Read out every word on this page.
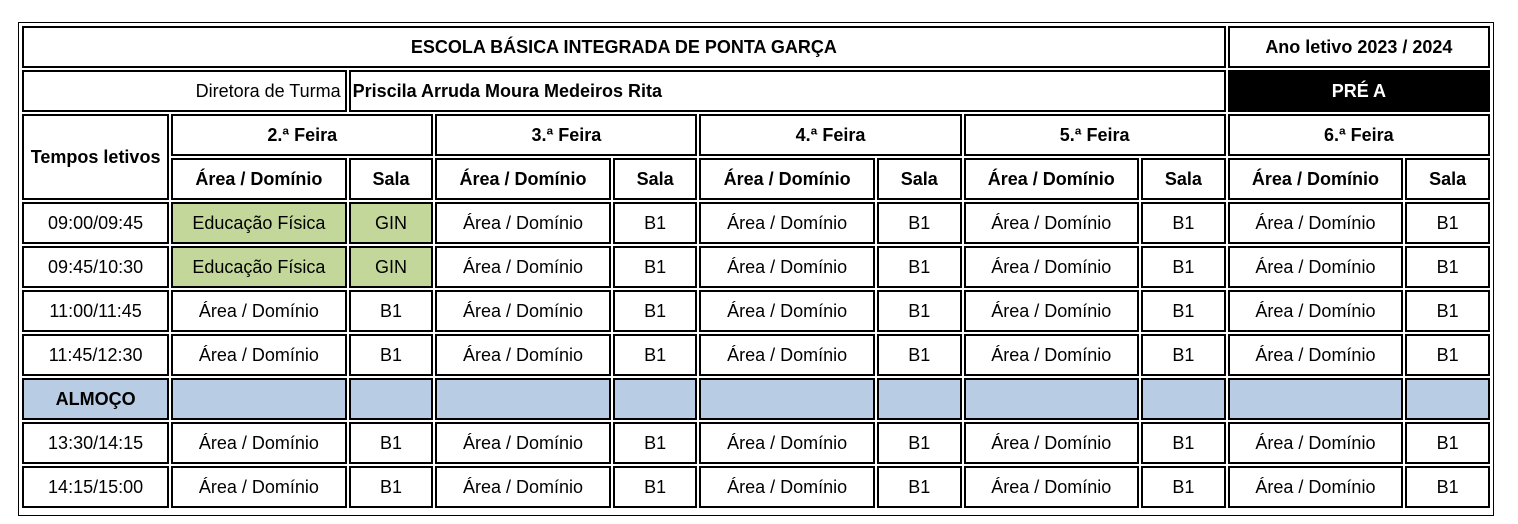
ESCOLA BÁSICA INTEGRADA DE PONTA GARÇA									Ano letivo 2023 / 2024	
Diretora de Turma		Priscila Arruda Moura Medeiros Rita							PRÉ A	
Tempos letivos	2.ª Feira		3.ª Feira		4.ª Feira		5.ª Feira		6.ª Feira	
	Área / Domínio	Sala	Área / Domínio	Sala	Área / Domínio	Sala	Área / Domínio	Sala	Área / Domínio	Sala
09:00/09:45	Educação Física	GIN	Área / Domínio	B1	Área / Domínio	B1	Área / Domínio	B1	Área / Domínio	B1
09:45/10:30	Educação Física	GIN	Área / Domínio	B1	Área / Domínio	B1	Área / Domínio	B1	Área / Domínio	B1
11:00/11:45	Área / Domínio	B1	Área / Domínio	B1	Área / Domínio	B1	Área / Domínio	B1	Área / Domínio	B1
11:45/12:30	Área / Domínio	B1	Área / Domínio	B1	Área / Domínio	B1	Área / Domínio	B1	Área / Domínio	B1
ALMOÇO										
13:30/14:15	Área / Domínio	B1	Área / Domínio	B1	Área / Domínio	B1	Área / Domínio	B1	Área / Domínio	B1
14:15/15:00	Área / Domínio	B1	Área / Domínio	B1	Área / Domínio	B1	Área / Domínio	B1	Área / Domínio	B1
